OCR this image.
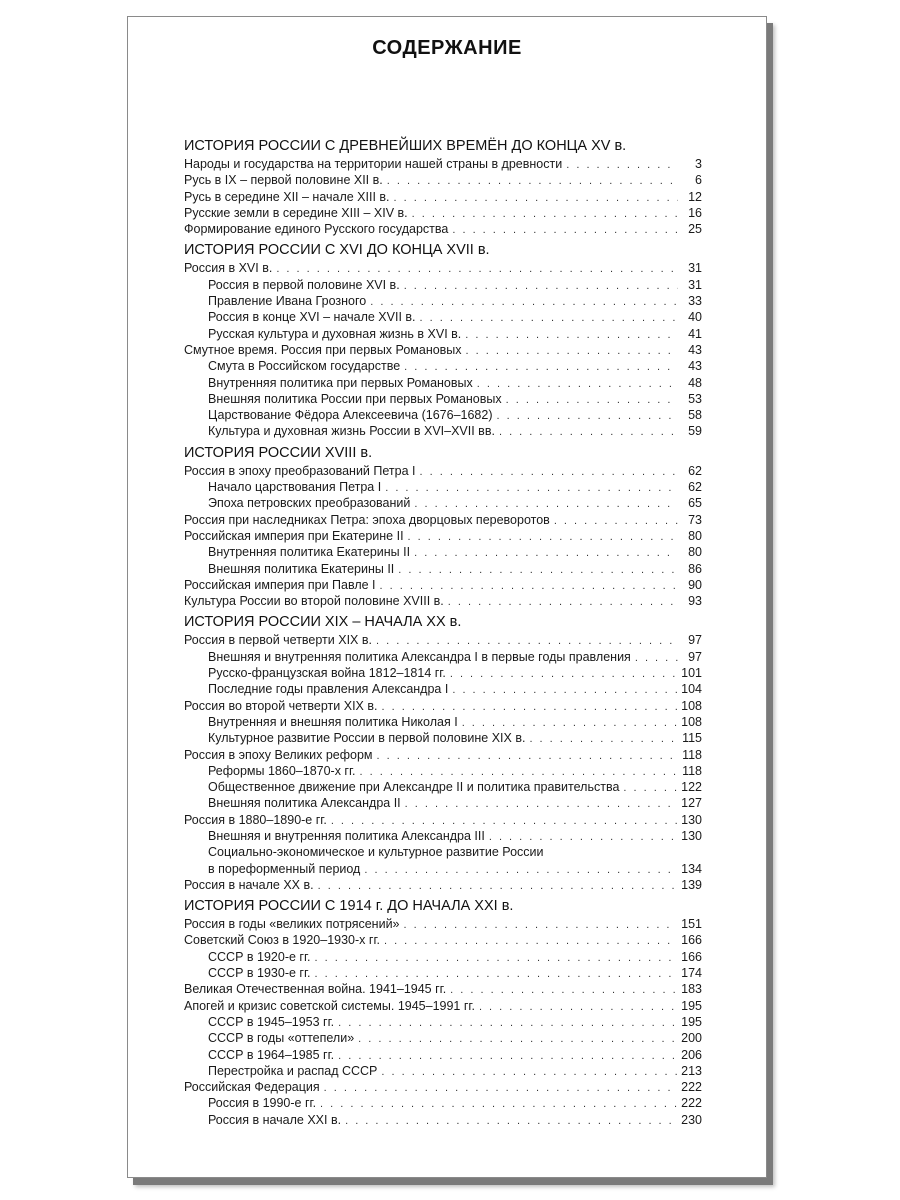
СОДЕРЖАНИЕ
ИСТОРИЯ РОССИИ С ДРЕВНЕЙШИХ ВРЕМЁН ДО КОНЦА XV в.
Народы и государства на территории нашей страны в древности . . .	3
Русь в IX – первой половине XII в. . . .	6
Русь в середине XII – начале XIII в. . . .	12
Русские земли в середине XIII – XIV в. . . .	16
Формирование единого Русского государства . . .	25
ИСТОРИЯ РОССИИ С XVI ДО КОНЦА XVII в.
Россия в XVI в. . . .	31
Россия в первой половине XVI в. . . .	31
Правление Ивана Грозного . . .	33
Россия в конце XVI – начале XVII в. . . .	40
Русская культура и духовная жизнь в XVI в. . . .	41
Смутное время. Россия при первых Романовых . . .	43
Смута в Российском государстве . . .	43
Внутренняя политика при первых Романовых . . .	48
Внешняя политика России при первых Романовых . . .	53
Царствование Фёдора Алексеевича (1676–1682) . . .	58
Культура и духовная жизнь России в XVI–XVII вв. . . .	59
ИСТОРИЯ РОССИИ XVIII в.
Россия в эпоху преобразований Петра I . . .	62
Начало царствования Петра I . . .	62
Эпоха петровских преобразований . . .	65
Россия при наследниках Петра: эпоха дворцовых переворотов . . .	73
Российская империя при Екатерине II . . .	80
Внутренняя политика Екатерины II . . .	80
Внешняя политика Екатерины II . . .	86
Российская империя при Павле I . . .	90
Культура России во второй половине XVIII в. . . .	93
ИСТОРИЯ РОССИИ XIX – НАЧАЛА XX в.
Россия в первой четверти XIX в. . . .	97
Внешняя и внутренняя политика Александра I в первые годы правления . . .	97
Русско-французская война 1812–1814 гг. . . .	101
Последние годы правления Александра I . . .	104
Россия во второй четверти XIX в. . . .	108
Внутренняя и внешняя политика Николая I . . .	108
Культурное развитие России в первой половине XIX в. . . .	115
Россия в эпоху Великих реформ . . .	118
Реформы 1860–1870-х гг. . . .	118
Общественное движение при Александре II и политика правительства . . .	122
Внешняя политика Александра II . . .	127
Россия в 1880–1890-е гг. . . .	130
Внешняя и внутренняя политика Александра III . . .	130
Социально-экономическое и культурное развитие России
в пореформенный период . . .	134
Россия в начале XX в. . . .	139
ИСТОРИЯ РОССИИ С 1914 г. ДО НАЧАЛА XXI в.
Россия в годы «великих потрясений» . . .	151
Советский Союз в 1920–1930-х гг. . . .	166
СССР в 1920-е гг. . . .	166
СССР в 1930-е гг. . . .	174
Великая Отечественная война. 1941–1945 гг. . . .	183
Апогей и кризис советской системы. 1945–1991 гг. . . .	195
СССР в 1945–1953 гг. . . .	195
СССР в годы «оттепели» . . .	200
СССР в 1964–1985 гг. . . .	206
Перестройка и распад СССР . . .	213
Российская Федерация . . .	222
Россия в 1990-е гг. . . .	222
Россия в начале XXI в. . . .	230
